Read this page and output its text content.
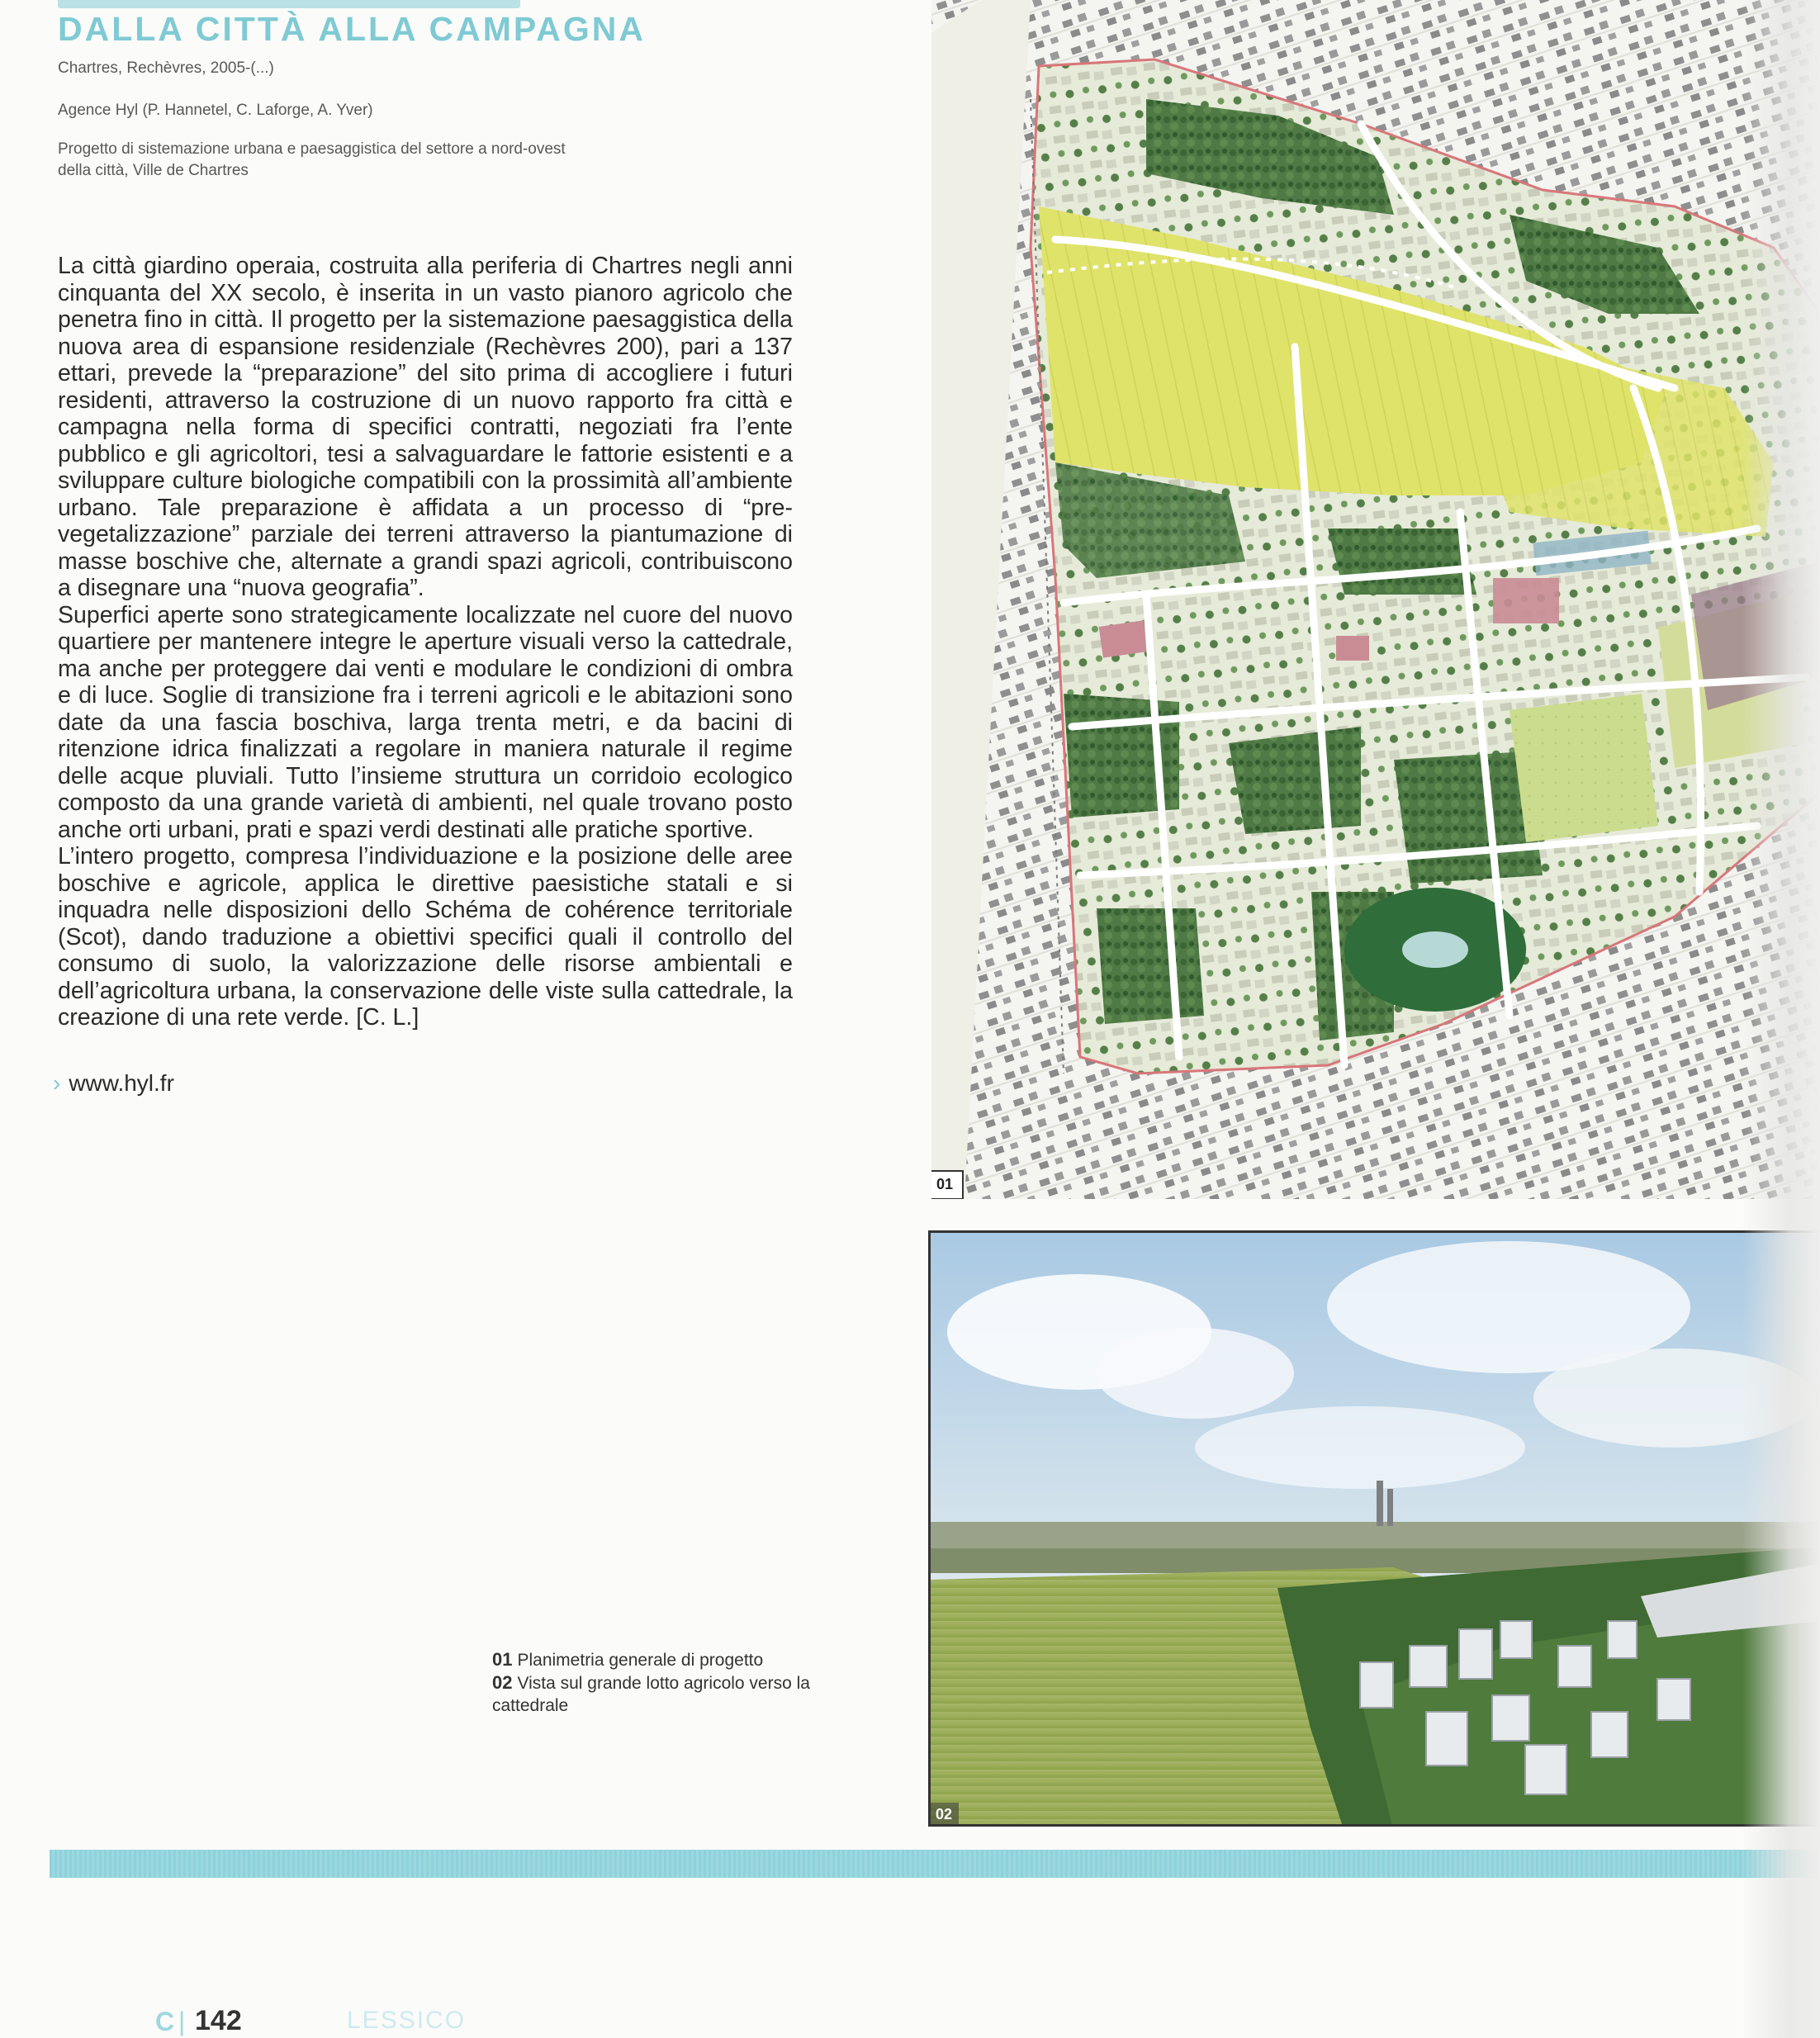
DALLA CITTÀ ALLA CAMPAGNA
Chartres, Rechèvres, 2005-(...)
Agence Hyl (P. Hannetel, C. Laforge, A. Yver)
Progetto di sistemazione urbana e paesaggistica del settore a nord-ovest della città, Ville de Chartres

La città giardino operaia, costruita alla periferia di Chartres negli anni cinquanta del XX secolo, è inserita in un vasto pianoro agricolo che penetra fino in città. Il progetto per la sistemazione paesaggistica della nuova area di espansione residenziale (Rechèvres 200), pari a 137 ettari, prevede la “preparazione” del sito prima di accogliere i futuri residenti, attraverso la costruzione di un nuovo rapporto fra città e campagna nella forma di specifici contratti, negoziati fra l’ente pubblico e gli agricoltori, tesi a salvaguardare le fattorie esistenti e a sviluppare culture biologiche compatibili con la prossimità all’ambiente urbano. Tale preparazione è affidata a un processo di “pre-vegetalizzazione” parziale dei terreni attraverso la piantumazione di masse boschive che, alternate a grandi spazi agricoli, contribuiscono a disegnare una “nuova geografia”.

Superfici aperte sono strategicamente localizzate nel cuore del nuovo quartiere per mantenere integre le aperture visuali verso la cattedrale, ma anche per proteggere dai venti e modulare le condizioni di ombra e di luce. Soglie di transizione fra i terreni agricoli e le abitazioni sono date da una fascia boschiva, larga trenta metri, e da bacini di ritenzione idrica finalizzati a regolare in maniera naturale il regime delle acque pluviali. Tutto l’insieme struttura un corridoio ecologico composto da una grande varietà di ambienti, nel quale trovano posto anche orti urbani, prati e spazi verdi destinati alle pratiche sportive.

L’intero progetto, compresa l’individuazione e la posizione delle aree boschive e agricole, applica le direttive paesistiche statali e si inquadra nelle disposizioni dello Schéma de cohérence territoriale (Scot), dando traduzione a obiettivi specifici quali il controllo del consumo di suolo, la valorizzazione delle risorse ambientali e dell’agricoltura urbana, la conservazione delle viste sulla cattedrale, la creazione di una rete verde. [C. L.]

› www.hyl.fr
01
02
01 Planimetria generale di progetto
02 Vista sul grande lotto agricolo verso la cattedrale
C | 142	LESSICO
